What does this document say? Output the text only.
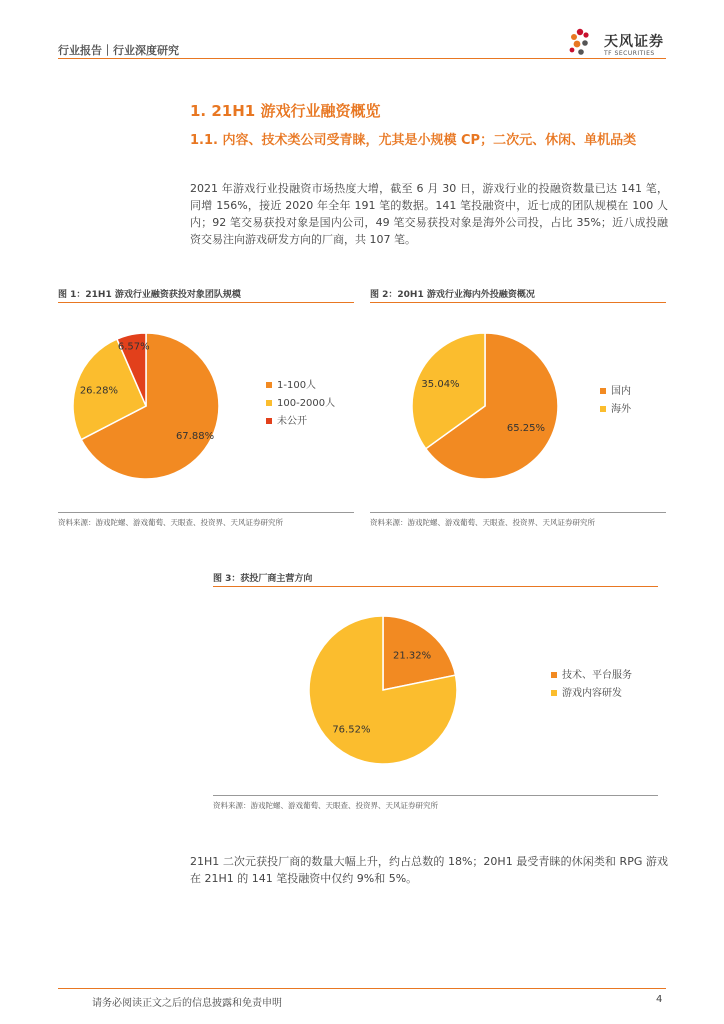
行业报告｜行业深度研究
天风证券
TF SECURITIES
1. 21H1 游戏行业融资概览
1.1. 内容、技术类公司受青睐，尤其是小规模 CP；二次元、休闲、单机品类
2021 年游戏行业投融资市场热度大增，截至 6 月 30 日，游戏行业的投融资数量已达 141 笔，同增 156%，接近 2020 年全年 191 笔的数据。141 笔投融资中，近七成的团队规模在 100 人内；92 笔交易获投对象是国内公司，49 笔交易获投对象是海外公司投，占比 35%；近八成投融资交易注向游戏研发方向的厂商，共 107 笔。
图 1：21H1 游戏行业融资获投对象团队规模
67.88%
26.28%
6.57%
1-100人
100-2000人
未公开
资料来源：游戏陀螺、游戏葡萄、天眼查、投资界、天风证券研究所
图 2：20H1 游戏行业海内外投融资概况
65.25%
35.04%
国内
海外
资料来源：游戏陀螺、游戏葡萄、天眼查、投资界、天风证券研究所
图 3：获投厂商主营方向
21.32%
76.52%
技术、平台服务
游戏内容研发
资料来源：游戏陀螺、游戏葡萄、天眼查、投资界、天风证券研究所
21H1 二次元获投厂商的数量大幅上升，约占总数的 18%；20H1 最受青睐的休闲类和 RPG 游戏在 21H1 的 141 笔投融资中仅约 9%和 5%。
请务必阅读正文之后的信息披露和免责申明	4
